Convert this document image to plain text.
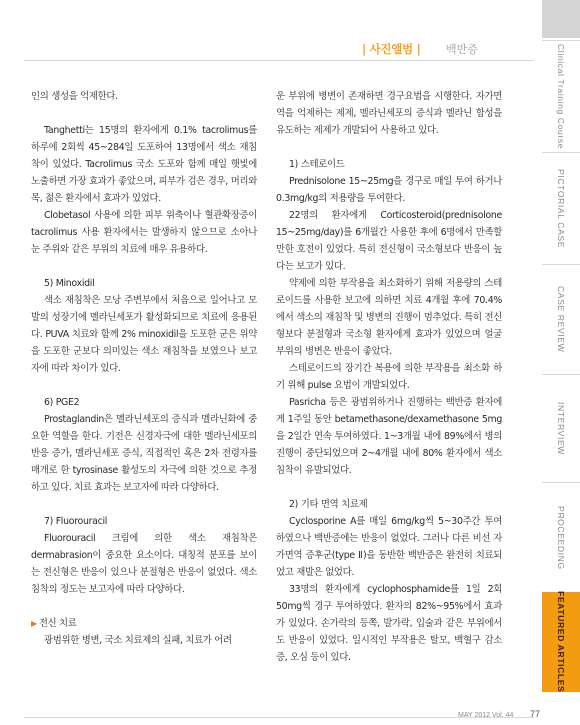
| 사진앨범 | 백반증

인의 생성을 억제한다.

Tanghetti는 15명의 환자에게 0.1% tacrolimus를 하루에 2회씩 45~284일 도포하여 13명에서 색소 재침착이 있었다. Tacrolimus 국소 도포와 함께 매일 햇빛에 노출하면 가장 효과가 좋았으며, 피부가 검은 경우, 머리와 목, 젊은 환자에서 효과가 있었다.

Clobetasol 사용에 의한 피부 위축이나 혈관확장증이 tacrolimus 사용 환자에서는 발생하지 않으므로 소아나 눈 주위와 같은 부위의 치료에 매우 유용하다.

5) Minoxidil

색소 재침착은 모낭 주변부에서 처음으로 일어나고 모발의 성장기에 멜라닌세포가 활성화되므로 치료에 응용된다. PUVA 치료와 함께 2% minoxidil을 도포한 군은 위약을 도포한 군보다 의미있는 색소 재침착을 보였으나 보고자에 따라 차이가 있다.

6) PGE2

Prostaglandin은 멜라닌세포의 증식과 멜라닌화에 중요한 역할을 한다. 기전은 신경자극에 대한 멜라닌세포의 반응 증가, 멜라닌세포 증식, 직접적인 혹은 2차 전령자를 매개로 한 tyrosinase 활성도의 자극에 의한 것으로 추정하고 있다. 치료 효과는 보고자에 따라 다양하다.

7) Fluorouracil

Fluorouracil 크림에 의한 색소 재침착은 dermabrasion이 중요한 요소이다. 대칭적 분포를 보이는 전신형은 반응이 있으나 분절형은 반응이 없었다. 색소침착의 정도는 보고자에 따라 다양하다.

▶ 전신 치료

광범위한 병변, 국소 치료제의 실패, 치료가 어려

운 부위에 병변이 존재하면 경구요법을 시행한다. 자가면역을 억제하는 제제, 멜라닌세포의 증식과 멜라닌 합성을 유도하는 제제가 개발되어 사용하고 있다.

1) 스테로이드

Prednisolone 15~25mg을 경구로 매일 투여 하거나 0.3mg/kg의 저용량을 투여한다.

22명의 환자에게 Corticosteroid(prednisolone 15~25mg/day)를 6개월간 사용한 후에 6명에서 만족할 만한 호전이 있었다. 특히 전신형이 국소형보다 반응이 높다는 보고가 있다.

약제에 의한 부작용을 최소화하기 위해 저용량의 스테로이드를 사용한 보고에 의하면 치료 4개월 후에 70.4%에서 색소의 재침착 및 병변의 진행이 멈추었다. 특히 전신형보다 분절형과 국소형 환자에게 효과가 있었으며 얼굴 부위의 병변은 반응이 좋았다.

스테로이드의 장기간 복용에 의한 부작용을 최소화 하기 위해 pulse 요법이 개발되었다.

Pasricha 등은 광범위하거나 진행하는 백반증 환자에게 1주일 동안 betamethasone/dexamethasone 5mg을 2일간 연속 투여하였다. 1~3개월 내에 89%에서 병의 진행이 중단되었으며 2~4개월 내에 80% 환자에서 색소침착이 유발되었다.

2) 기타 면역 치료제

Cyclosporine A를 매일 6mg/kg씩 5~30주간 투여하였으나 백반증에는 반응이 없었다. 그러나 다른 비선 자가면역 증후군(type Ⅱ)을 동반한 백반증은 완전히 치료되었고 재발은 없었다.

33명의 환자에게 cyclophosphamide를 1일 2회 50mg씩 경구 투여하였다. 환자의 82%~95%에서 효과가 있었다. 손가락의 등쪽, 발가락, 입술과 같은 부위에서도 반응이 있었다. 일시적인 부작용은 탈모, 백혈구 감소증, 오심 등이 있다.

Clinical Training Course
PICTORIAL CASE
CASE REVIEW
INTERVIEW
PROCEEDING
FEATURED ARTICLES
MAY 2012 Vol. 44 77
